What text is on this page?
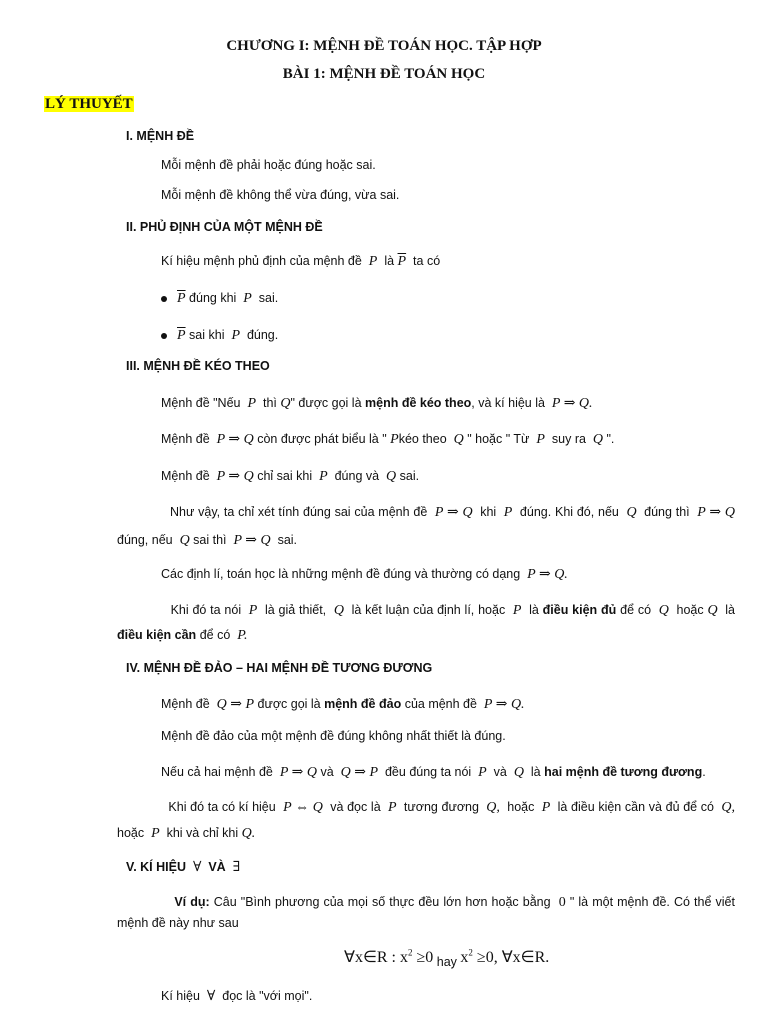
CHƯƠNG I: MỆNH ĐỀ TOÁN HỌC. TẬP HỢP
BÀI 1: MỆNH ĐỀ TOÁN HỌC
LÝ THUYẾT
I. MỆNH ĐỀ
Mỗi mệnh đề phải hoặc đúng hoặc sai.
Mỗi mệnh đề không thể vừa đúng, vừa sai.
II. PHỦ ĐỊNH CỦA MỘT MỆNH ĐỀ
Kí hiệu mệnh phủ định của mệnh đề P là $\overline{P}$ ta có
$\overline{P}$ đúng khi P sai.
$\overline{P}$ sai khi P đúng.
III. MỆNH ĐỀ KÉO THEO
Mệnh đề "Nếu P thì Q" được gọi là mệnh đề kéo theo, và kí hiệu là P ⇒ Q.
Mệnh đề P ⇒ Q còn được phát biểu là " Pkéo theo Q " hoặc " Từ P suy ra Q ".
Mệnh đề P ⇒ Q chỉ sai khi P đúng và Q sai.
Như vậy, ta chỉ xét tính đúng sai của mệnh đề P ⇒ Q khi P đúng. Khi đó, nếu Q đúng thì P ⇒ Q
đúng, nếu Q sai thì P ⇒ Q sai.
Các định lí, toán học là những mệnh đề đúng và thường có dạng P ⇒ Q.
Khi đó ta nói P là giả thiết, Q là kết luận của định lí, hoặc P là điều kiện đủ để có Q hoặc Q là
điều kiện cần để có P.
IV. MỆNH ĐỀ ĐẢO – HAI MỆNH ĐỀ TƯƠNG ĐƯƠNG
Mệnh đề Q ⇒ P được gọi là mệnh đề đảo của mệnh đề P ⇒ Q.
Mệnh đề đảo của một mệnh đề đúng không nhất thiết là đúng.
Nếu cả hai mệnh đề P ⇒ Q và Q ⇒ P đều đúng ta nói P và Q là hai mệnh đề tương đương.
Khi đó ta có kí hiệu P ⇔ Q và đọc là P tương đương Q, hoặc P là điều kiện cần và đủ để có Q,
hoặc P khi và chỉ khi Q.
V. KÍ HIỆU ∀ VÀ ∃
Ví dụ: Câu "Bình phương của mọi số thực đều lớn hơn hoặc bằng 0 " là một mệnh đề. Có thể viết
mệnh đề này như sau
∀x∈R : $x^2 \ge 0$ hay $x^2 \ge 0$, ∀x∈R.
Kí hiệu ∀ đọc là "với mọi".
